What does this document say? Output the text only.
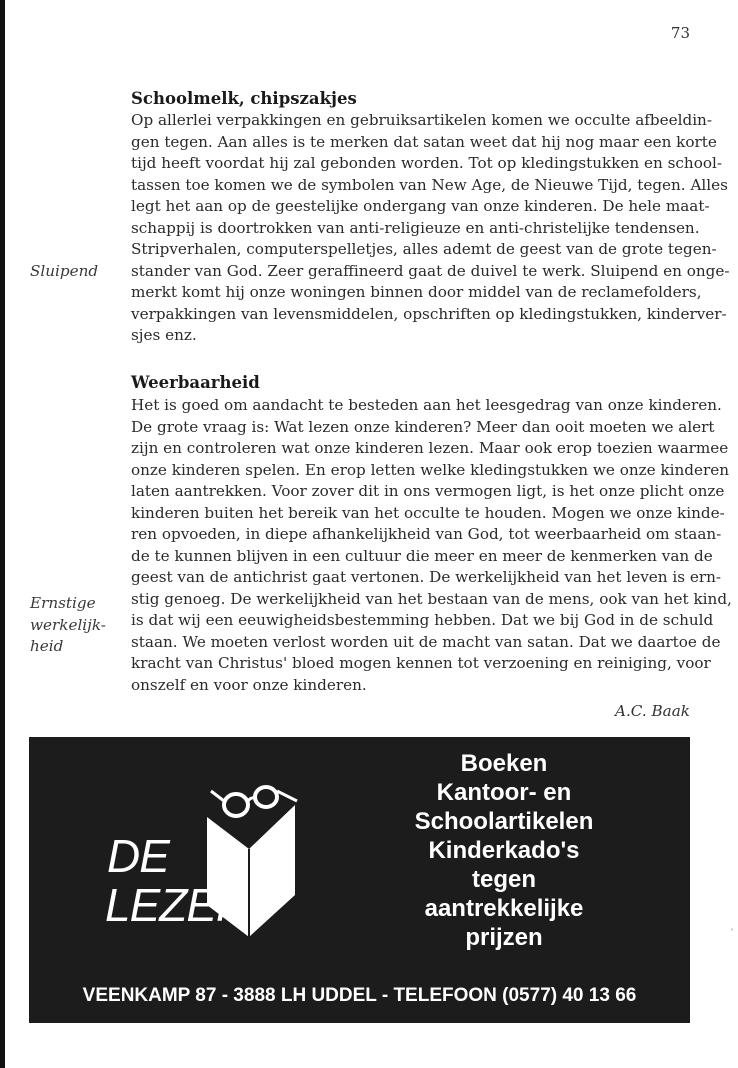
73
Schoolmelk, chipszakjes
Op allerlei verpakkingen en gebruiksartikelen komen we occulte afbeeldin-
gen tegen. Aan alles is te merken dat satan weet dat hij nog maar een korte
tijd heeft voordat hij zal gebonden worden. Tot op kledingstukken en school-
tassen toe komen we de symbolen van New Age, de Nieuwe Tijd, tegen. Alles
legt het aan op de geestelijke ondergang van onze kinderen. De hele maat-
schappij is doortrokken van anti-religieuze en anti-christelijke tendensen.
Stripverhalen, computerspelletjes, alles ademt de geest van de grote tegen-
stander van God. Zeer geraffineerd gaat de duivel te werk. Sluipend en onge-
merkt komt hij onze woningen binnen door middel van de reclamefolders,
verpakkingen van levensmiddelen, opschriften op kledingstukken, kinderver-
sjes enz.
Sluipend
Weerbaarheid
Het is goed om aandacht te besteden aan het leesgedrag van onze kinderen.
De grote vraag is: Wat lezen onze kinderen? Meer dan ooit moeten we alert
zijn en controleren wat onze kinderen lezen. Maar ook erop toezien waarmee
onze kinderen spelen. En erop letten welke kledingstukken we onze kinderen
laten aantrekken. Voor zover dit in ons vermogen ligt, is het onze plicht onze
kinderen buiten het bereik van het occulte te houden. Mogen we onze kinde-
ren opvoeden, in diepe afhankelijkheid van God, tot weerbaarheid om staan-
de te kunnen blijven in een cultuur die meer en meer de kenmerken van de
geest van de antichrist gaat vertonen. De werkelijkheid van het leven is ern-
stig genoeg. De werkelijkheid van het bestaan van de mens, ook van het kind,
is dat wij een eeuwigheidsbestemming hebben. Dat we bij God in de schuld
staan. We moeten verlost worden uit de macht van satan. Dat we daartoe de
kracht van Christus' bloed mogen kennen tot verzoening en reiniging, voor
onszelf en voor onze kinderen.
Ernstige
werkelijk-
heid
A.C. Baak
DE
LEZER
Boeken
Kantoor- en
Schoolartikelen
Kinderkado's
tegen
aantrekkelijke
prijzen
VEENKAMP 87 - 3888 LH UDDEL - TELEFOON (0577) 40 13 66
'
